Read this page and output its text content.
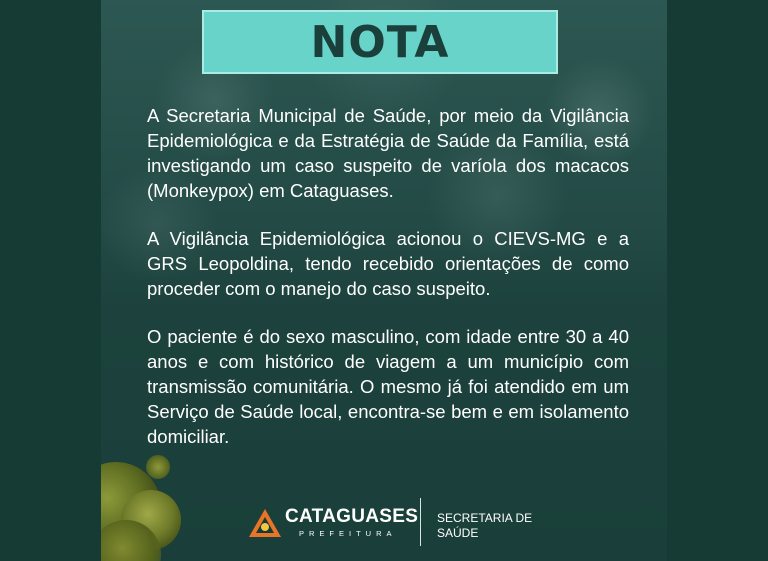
NOTA

A Secretaria Municipal de Saúde, por meio da Vigilância Epidemiológica e da Estratégia de Saúde da Família, está investigando um caso suspeito de varíola dos macacos (Monkeypox) em Cataguases.

A Vigilância Epidemiológica acionou o CIEVS-MG e a GRS Leopoldina, tendo recebido orientações de como proceder com o manejo do caso suspeito.

O paciente é do sexo masculino, com idade entre 30 a 40 anos e com histórico de viagem a um município com transmissão comunitária. O mesmo já foi atendido em um Serviço de Saúde local, encontra-se bem e em isolamento domiciliar.

CATAGUASES
PREFEITURA
SECRETARIA DE
SAÚDE
